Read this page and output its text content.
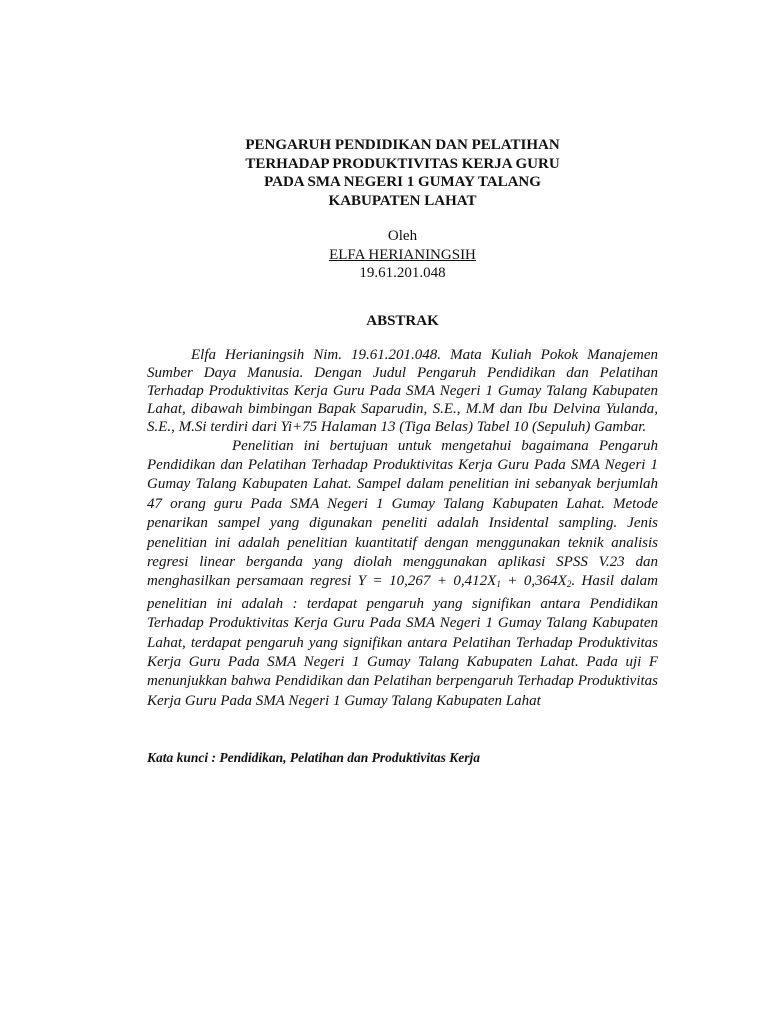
PENGARUH PENDIDIKAN DAN PELATIHAN
TERHADAP PRODUKTIVITAS KERJA GURU
PADA SMA NEGERI 1 GUMAY TALANG
KABUPATEN LAHAT
Oleh
ELFA HERIANINGSIH
19.61.201.048
ABSTRAK

Elfa Herianingsih Nim. 19.61.201.048. Mata Kuliah Pokok Manajemen Sumber Daya Manusia. Dengan Judul Pengaruh Pendidikan dan Pelatihan Terhadap Produktivitas Kerja Guru Pada SMA Negeri 1 Gumay Talang Kabupaten Lahat, dibawah bimbingan Bapak Saparudin, S.E., M.M dan Ibu Delvina Yulanda, S.E., M.Si terdiri dari Yi+75 Halaman 13 (Tiga Belas) Tabel 10 (Sepuluh) Gambar.

Penelitian ini bertujuan untuk mengetahui bagaimana Pengaruh Pendidikan dan Pelatihan Terhadap Produktivitas Kerja Guru Pada SMA Negeri 1 Gumay Talang Kabupaten Lahat. Sampel dalam penelitian ini sebanyak berjumlah 47 orang guru Pada SMA Negeri 1 Gumay Talang Kabupaten Lahat. Metode penarikan sampel yang digunakan peneliti adalah Insidental sampling. Jenis penelitian ini adalah penelitian kuantitatif dengan menggunakan teknik analisis regresi linear berganda yang diolah menggunakan aplikasi SPSS V.23 dan menghasilkan persamaan regresi $Y = 10,267 + 0,412X_1 + 0,364X_2$. Hasil dalam penelitian ini adalah : terdapat pengaruh yang signifikan antara Pendidikan Terhadap Produktivitas Kerja Guru Pada SMA Negeri 1 Gumay Talang Kabupaten Lahat, terdapat pengaruh yang signifikan antara Pelatihan Terhadap Produktivitas Kerja Guru Pada SMA Negeri 1 Gumay Talang Kabupaten Lahat. Pada uji F menunjukkan bahwa Pendidikan dan Pelatihan berpengaruh Terhadap Produktivitas Kerja Guru Pada SMA Negeri 1 Gumay Talang Kabupaten Lahat

Kata kunci : Pendidikan, Pelatihan dan Produktivitas Kerja
